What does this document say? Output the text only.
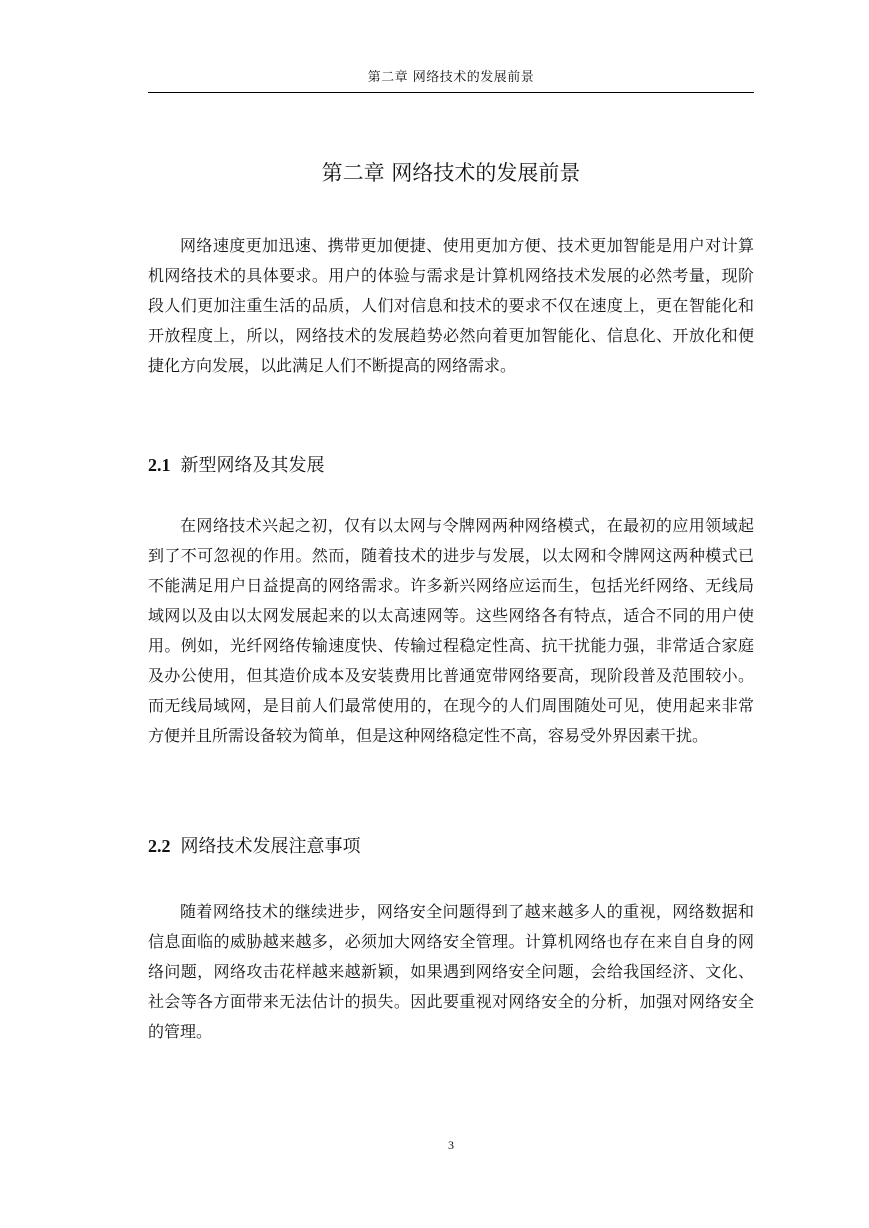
第二章 网络技术的发展前景
第二章 网络技术的发展前景

网络速度更加迅速、携带更加便捷、使用更加方便、技术更加智能是用户对计算机网络技术的具体要求。用户的体验与需求是计算机网络技术发展的必然考量，现阶段人们更加注重生活的品质，人们对信息和技术的要求不仅在速度上，更在智能化和开放程度上，所以，网络技术的发展趋势必然向着更加智能化、信息化、开放化和便捷化方向发展，以此满足人们不断提高的网络需求。

2.1 新型网络及其发展

在网络技术兴起之初，仅有以太网与令牌网两种网络模式，在最初的应用领域起到了不可忽视的作用。然而，随着技术的进步与发展，以太网和令牌网这两种模式已不能满足用户日益提高的网络需求。许多新兴网络应运而生，包括光纤网络、无线局域网以及由以太网发展起来的以太高速网等。这些网络各有特点，适合不同的用户使用。例如，光纤网络传输速度快、传输过程稳定性高、抗干扰能力强，非常适合家庭及办公使用，但其造价成本及安装费用比普通宽带网络要高，现阶段普及范围较小。而无线局域网，是目前人们最常使用的，在现今的人们周围随处可见，使用起来非常方便并且所需设备较为简单，但是这种网络稳定性不高，容易受外界因素干扰。

2.2 网络技术发展注意事项

随着网络技术的继续进步，网络安全问题得到了越来越多人的重视，网络数据和信息面临的威胁越来越多，必须加大网络安全管理。计算机网络也存在来自自身的网络问题，网络攻击花样越来越新颖，如果遇到网络安全问题，会给我国经济、文化、社会等各方面带来无法估计的损失。因此要重视对网络安全的分析，加强对网络安全的管理。

3
